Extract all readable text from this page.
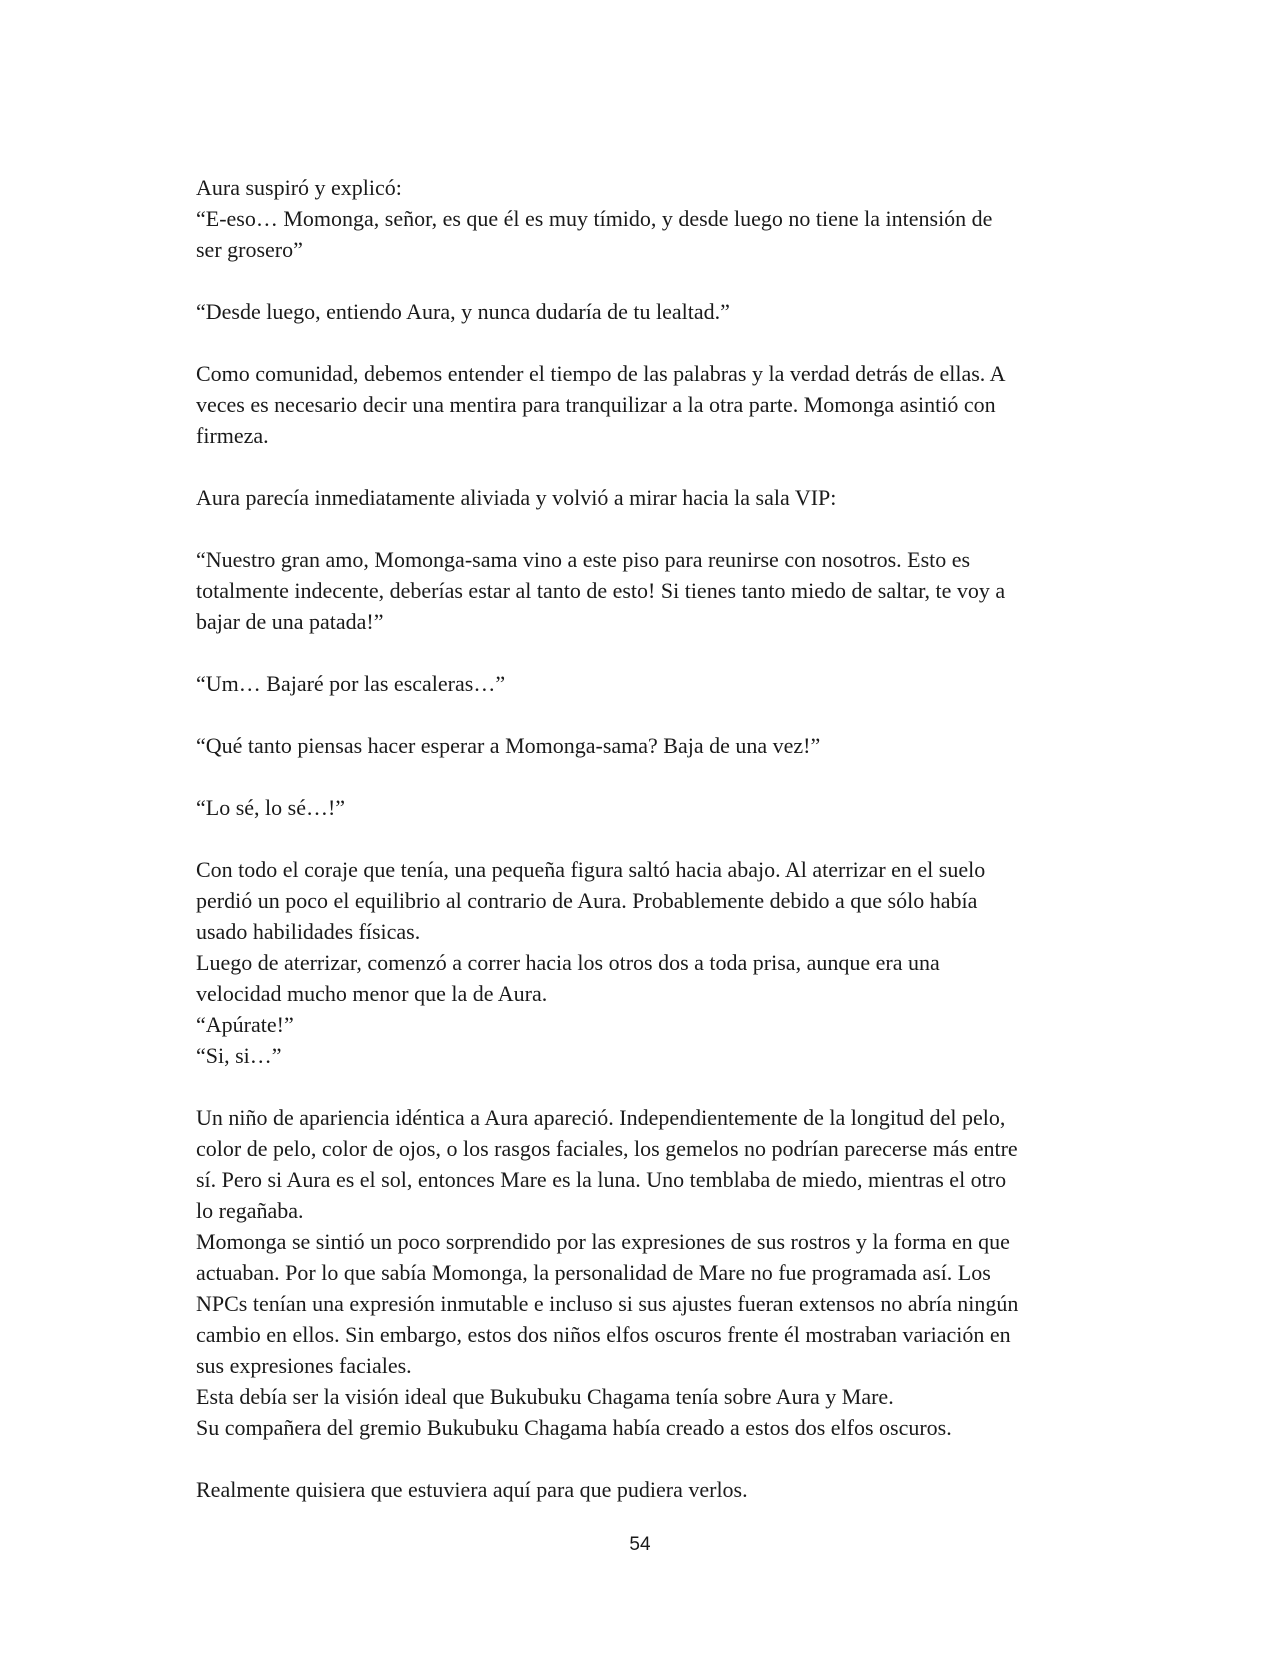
Aura suspiró y explicó:
“E-eso… Momonga, señor, es que él es muy tímido, y desde luego no tiene la intensión de
ser grosero”

“Desde luego, entiendo Aura, y nunca dudaría de tu lealtad.”

Como comunidad, debemos entender el tiempo de las palabras y la verdad detrás de ellas. A
veces es necesario decir una mentira para tranquilizar a la otra parte. Momonga asintió con
firmeza.

Aura parecía inmediatamente aliviada y volvió a mirar hacia la sala VIP:

“Nuestro gran amo, Momonga-sama vino a este piso para reunirse con nosotros. Esto es
totalmente indecente, deberías estar al tanto de esto! Si tienes tanto miedo de saltar, te voy a
bajar de una patada!”

“Um… Bajaré por las escaleras…”

“Qué tanto piensas hacer esperar a Momonga-sama? Baja de una vez!”

“Lo sé, lo sé…!”

Con todo el coraje que tenía, una pequeña figura saltó hacia abajo. Al aterrizar en el suelo
perdió un poco el equilibrio al contrario de Aura. Probablemente debido a que sólo había
usado habilidades físicas.
Luego de aterrizar, comenzó a correr hacia los otros dos a toda prisa, aunque era una
velocidad mucho menor que la de Aura.
“Apúrate!”
“Si, si…”

Un niño de apariencia idéntica a Aura apareció. Independientemente de la longitud del pelo,
color de pelo, color de ojos, o los rasgos faciales, los gemelos no podrían parecerse más entre
sí. Pero si Aura es el sol, entonces Mare es la luna. Uno temblaba de miedo, mientras el otro
lo regañaba.
Momonga se sintió un poco sorprendido por las expresiones de sus rostros y la forma en que
actuaban. Por lo que sabía Momonga, la personalidad de Mare no fue programada así. Los
NPCs tenían una expresión inmutable e incluso si sus ajustes fueran extensos no abría ningún
cambio en ellos. Sin embargo, estos dos niños elfos oscuros frente él mostraban variación en
sus expresiones faciales.
Esta debía ser la visión ideal que Bukubuku Chagama tenía sobre Aura y Mare.
Su compañera del gremio Bukubuku Chagama había creado a estos dos elfos oscuros.

Realmente quisiera que estuviera aquí para que pudiera verlos.

54
